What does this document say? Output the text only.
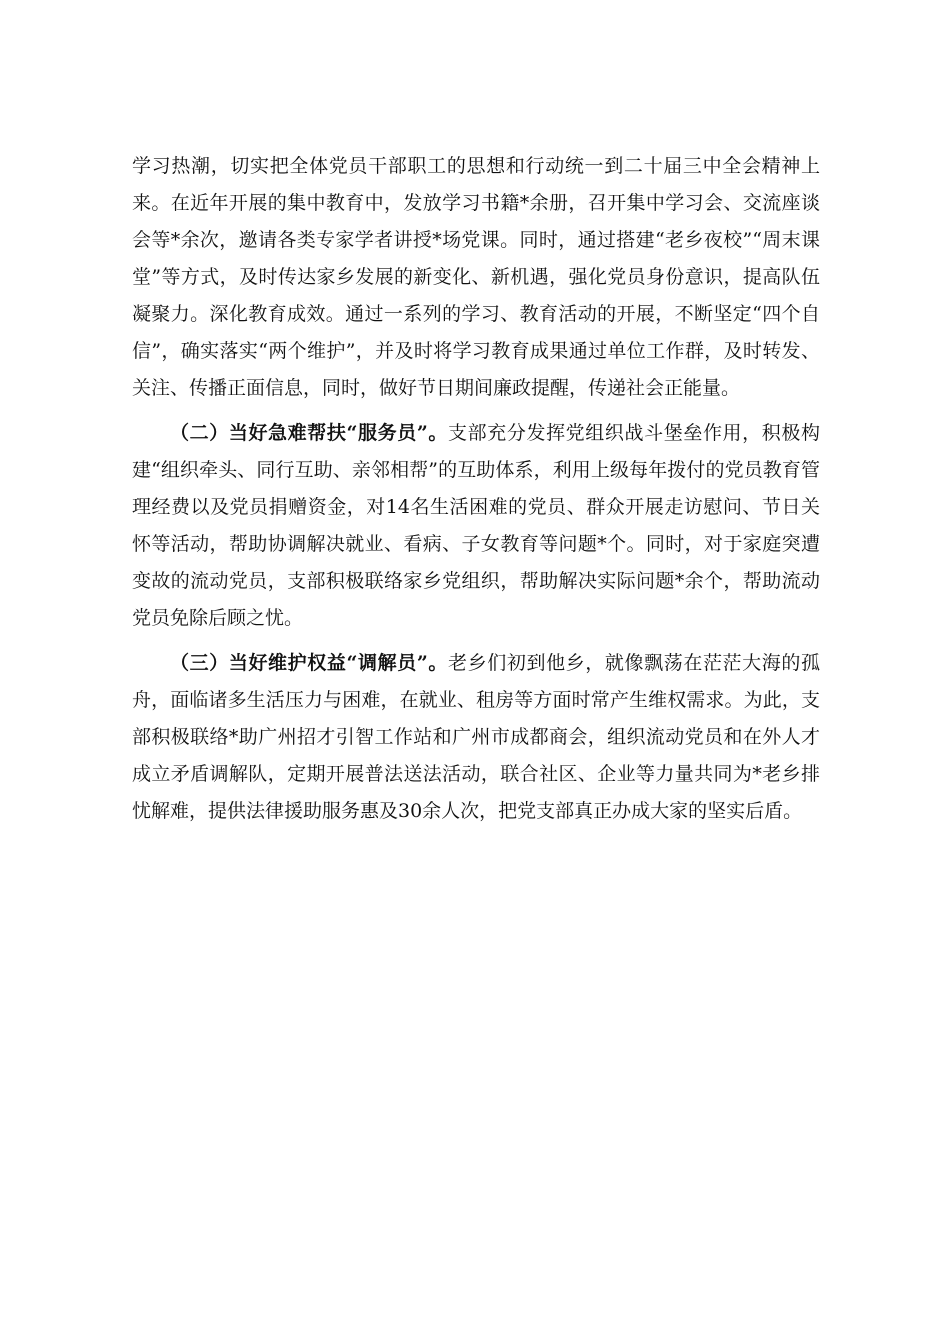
学习热潮，切实把全体党员干部职工的思想和行动统一到二十届三中全会精神上来。在近年开展的集中教育中，发放学习书籍*余册，召开集中学习会、交流座谈会等*余次，邀请各类专家学者讲授*场党课。同时，通过搭建“老乡夜校”“周末课堂”等方式，及时传达家乡发展的新变化、新机遇，强化党员身份意识，提高队伍凝聚力。深化教育成效。通过一系列的学习、教育活动的开展，不断坚定“四个自信”，确实落实“两个维护”，并及时将学习教育成果通过单位工作群，及时转发、关注、传播正面信息，同时，做好节日期间廉政提醒，传递社会正能量。

（二）当好急难帮扶“服务员”。支部充分发挥党组织战斗堡垒作用，积极构建“组织牵头、同行互助、亲邻相帮”的互助体系，利用上级每年拨付的党员教育管理经费以及党员捐赠资金，对14名生活困难的党员、群众开展走访慰问、节日关怀等活动，帮助协调解决就业、看病、子女教育等问题*个。同时，对于家庭突遭变故的流动党员，支部积极联络家乡党组织，帮助解决实际问题*余个，帮助流动党员免除后顾之忧。

（三）当好维护权益“调解员”。老乡们初到他乡，就像飘荡在茫茫大海的孤舟，面临诸多生活压力与困难，在就业、租房等方面时常产生维权需求。为此，支部积极联络*助广州招才引智工作站和广州市成都商会，组织流动党员和在外人才成立矛盾调解队，定期开展普法送法活动，联合社区、企业等力量共同为*老乡排忧解难，提供法律援助服务惠及30余人次，把党支部真正办成大家的坚实后盾。
